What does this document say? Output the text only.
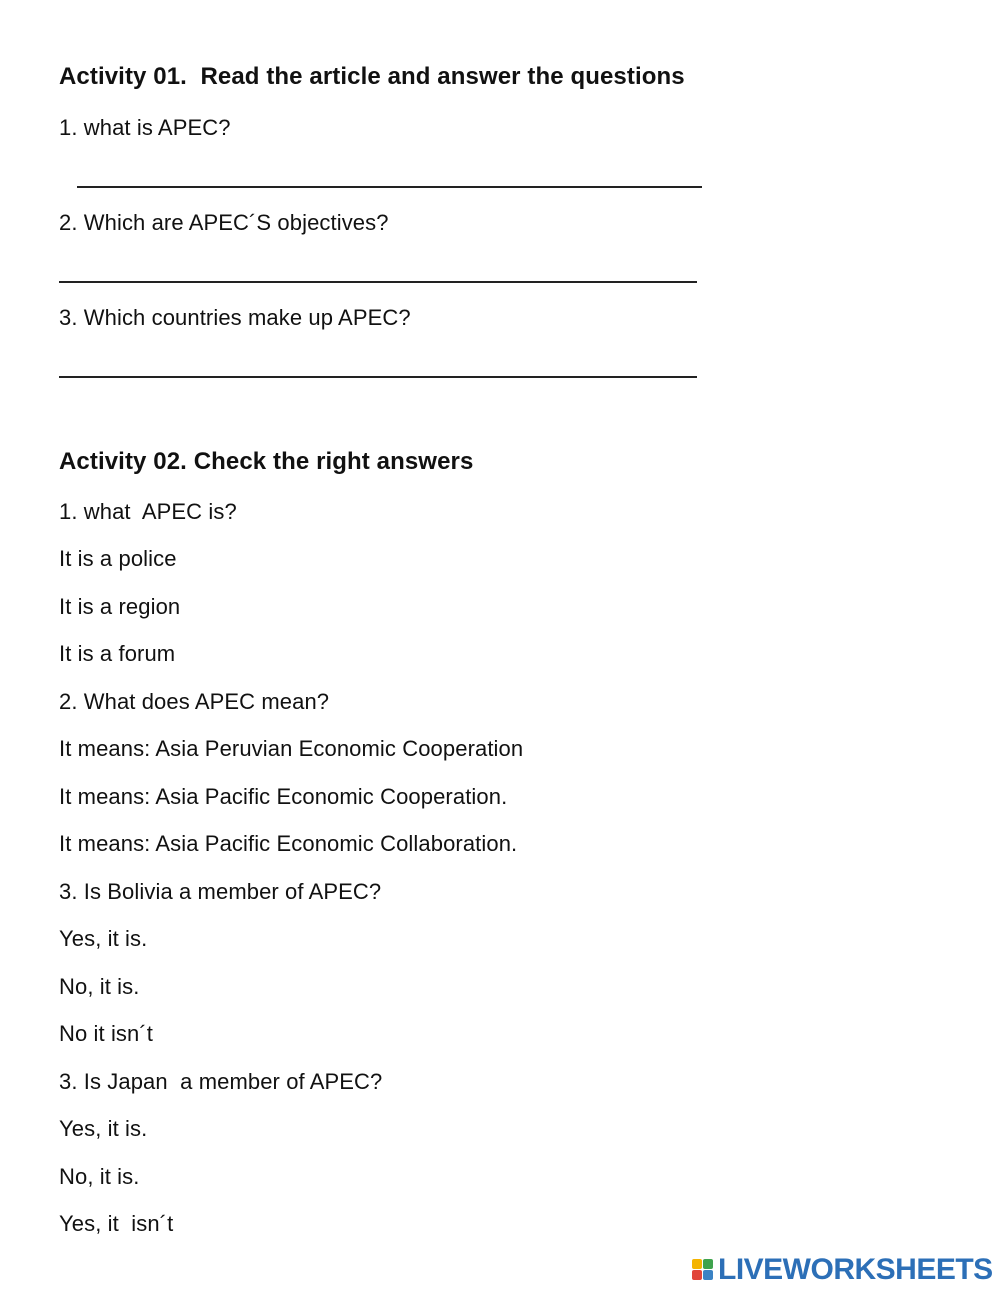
Activity 01.  Read the article and answer the questions
1. what is APEC?
2. Which are APEC´S objectives?
3. Which countries make up APEC?
Activity 02. Check the right answers
1. what  APEC is?
It is a police
It is a region
It is a forum
2. What does APEC mean?
It means: Asia Peruvian Economic Cooperation
It means: Asia Pacific Economic Cooperation.
It means: Asia Pacific Economic Collaboration.
3. Is Bolivia a member of APEC?
Yes, it is.
No, it is.
No it isn´t
3. Is Japan  a member of APEC?
Yes, it is.
No, it is.
Yes, it  isn´t
LIVEWORKSHEETS
